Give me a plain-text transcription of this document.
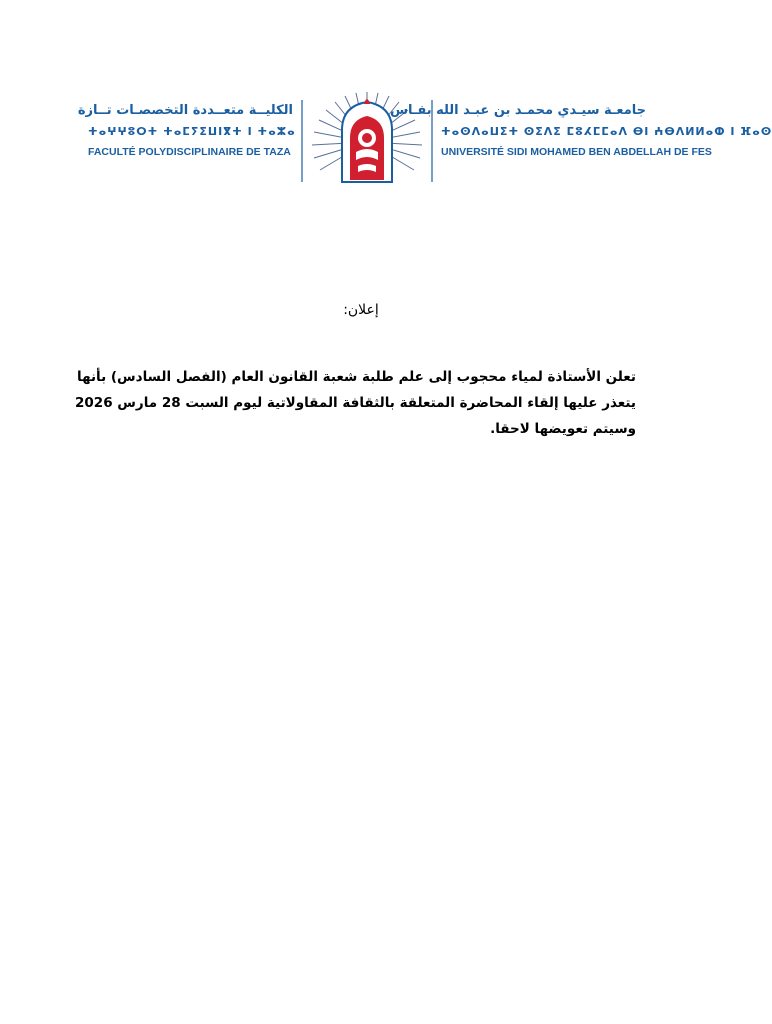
الكليــة متعــددة التخصصـات تــازة
ⵜⴰⵖⵖⵓⵔⵜ ⵜⴰⵎⵢⵉⵡⵏⴳⵜ ⵏ ⵜⴰⵣⴰ
FACULTÉ POLYDISCIPLINAIRE DE TAZA
جامعـة سيـدي محمـد بن عبـد الله بفـاس
ⵜⴰⵙⴷⴰⵡⵉⵜ ⵙⵉⴷⵉ ⵎⵓⵃⵎⵎⴰⴷ ⴱⵏ ⵄⴱⴷⵍⵍⴰⵀ ⵏ ⴼⴰⵙ
UNIVERSITÉ SIDI MOHAMED BEN ABDELLAH DE FES
إعلان:
تعلن الأستاذة لمياء محجوب إلى علم طلبة شعبة القانون العام (الفصل السادس) بأنها
يتعذر عليها إلقاء المحاضرة المتعلقة بالثقافة المقاولاتية ليوم السبت 28 مارس 2026
وسيتم تعويضها لاحقا.
